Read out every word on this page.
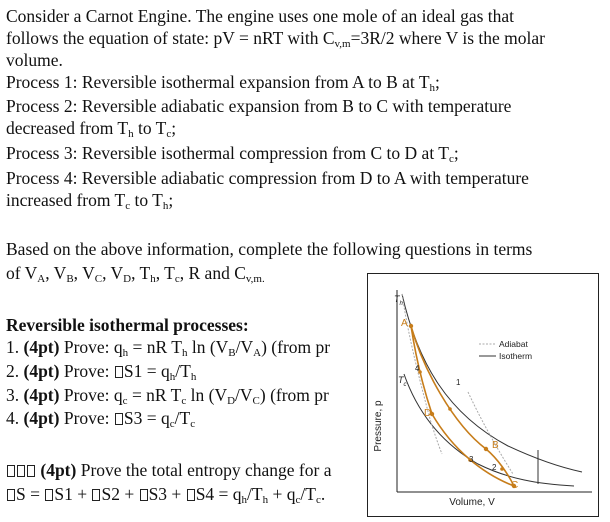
Consider a Carnot Engine. The engine uses one mole of an ideal gas that

follows the equation of state: pV = nRT with $C_{v,m}=3R/2$ where V is the molar

volume.

Process 1: Reversible isothermal expansion from A to B at $T_h$;

Process 2: Reversible adiabatic expansion from B to C with temperature

decreased from $T_h$ to $T_c$;

Process 3: Reversible isothermal compression from C to D at $T_c$;

Process 4: Reversible adiabatic compression from D to A with temperature

increased from $T_c$ to $T_h$;

Based on the above information, complete the following questions in terms

of $V_A$, $V_B$, $V_C$, $V_D$, $T_h$, $T_c$, R and $C_{v,m.}$

Reversible isothermal processes:

1. (4pt) Prove: $q_h$ = nR $T_h$ $\ln (V_B/V_A)$ (from pr

2. (4pt) Prove: $S1 = q_h/T_h$

3. (4pt) Prove: $q_c$ = nR $T_c$ $\ln (V_D/V_C)$ (from pr

4. (4pt) Prove: $S3 = q_c/T_c$

(4pt) Prove the total entropy change for a

$S = S1 + S2 + S3 + S4 = q_h/T_h + q_c/T_c$.

Pressure, p
Volume, V
$T_h$
$T_c$
A
B
C
D
1
2
3
4
Adiabat
Isotherm
